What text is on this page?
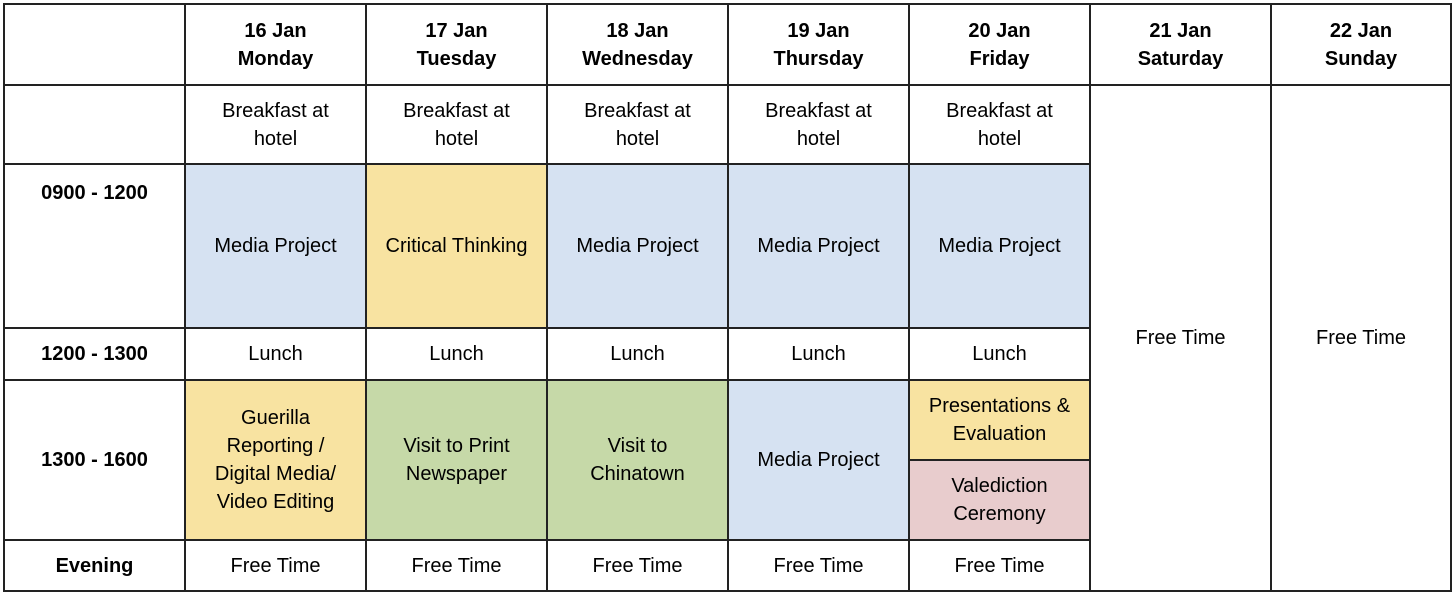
	16 Jan
Monday	17 Jan
Tuesday	18 Jan
Wednesday	19 Jan
Thursday	20 Jan
Friday	21 Jan
Saturday	22 Jan
Sunday

	Breakfast at
hotel	Breakfast at
hotel	Breakfast at
hotel	Breakfast at
hotel	Breakfast at
hotel	Free Time	Free Time
0900 - 1200	Media Project	Critical Thinking	Media Project	Media Project	Media Project		
1200 - 1300	Lunch	Lunch	Lunch	Lunch	Lunch		
1300 - 1600	Guerilla
Reporting /
Digital Media/
Video Editing	Visit to Print
Newspaper	Visit to
Chinatown	Media Project	Presentations &
Evaluation		

					Valediction
Ceremony		

Evening	Free Time	Free Time	Free Time	Free Time	Free Time		
